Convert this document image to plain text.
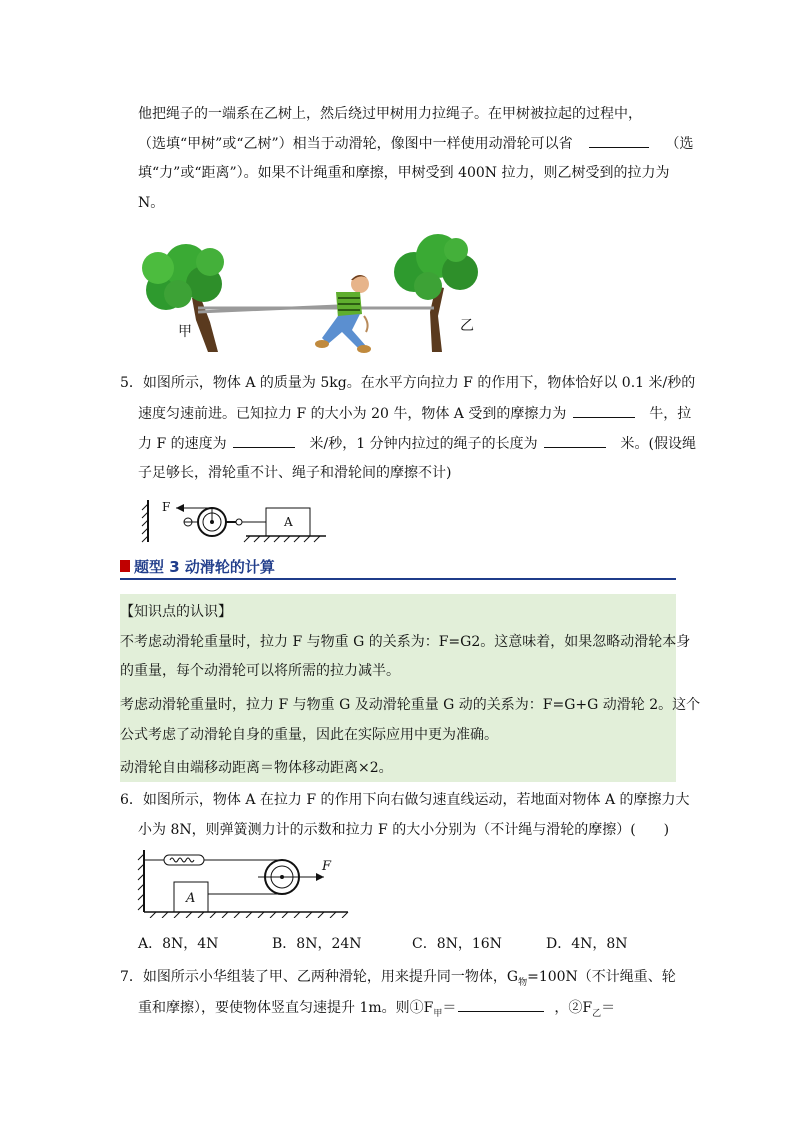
他把绳子的一端系在乙树上，然后绕过甲树用力拉绳子。在甲树被拉起的过程中，
（选填“甲树”或“乙树”）相当于动滑轮，像图中一样使用动滑轮可以省	（选
填“力”或“距离”）。如果不计绳重和摩擦，甲树受到 400N 拉力，则乙树受到的拉力为
N。
甲	乙
5．如图所示，物体 A 的质量为 5kg。在水平方向拉力 F 的作用下，物体恰好以 0.1 米/秒的
速度匀速前进。已知拉力 F 的大小为 20 牛，物体 A 受到的摩擦力为	牛，拉
力 F 的速度为	米/秒，1 分钟内拉过的绳子的长度为	米。(假设绳
子足够长，滑轮重不计、绳子和滑轮间的摩擦不计)
F
A
题型 3 动滑轮的计算
【知识点的认识】
不考虑动滑轮重量时，拉力 F 与物重 G 的关系为：F=G2。这意味着，如果忽略动滑轮本身
的重量，每个动滑轮可以将所需的拉力减半。
考虑动滑轮重量时，拉力 F 与物重 G 及动滑轮重量 G 动的关系为：F=G+G 动滑轮 2。这个
公式考虑了动滑轮自身的重量，因此在实际应用中更为准确。
动滑轮自由端移动距离＝物体移动距离×2。
6．如图所示，物体 A 在拉力 F 的作用下向右做匀速直线运动，若地面对物体 A 的摩擦力大
小为 8N，则弹簧测力计的示数和拉力 F 的大小分别为（不计绳与滑轮的摩擦）(　　)
A
F
A．8N，4N	B．8N，24N	C．8N，16N	D．4N，8N
7．如图所示小华组装了甲、乙两种滑轮，用来提升同一物体，$G_物=100N$（不计绳重、轮
重和摩擦），要使物体竖直匀速提升 1m。则$①F_甲=$	，$②F_乙=$
